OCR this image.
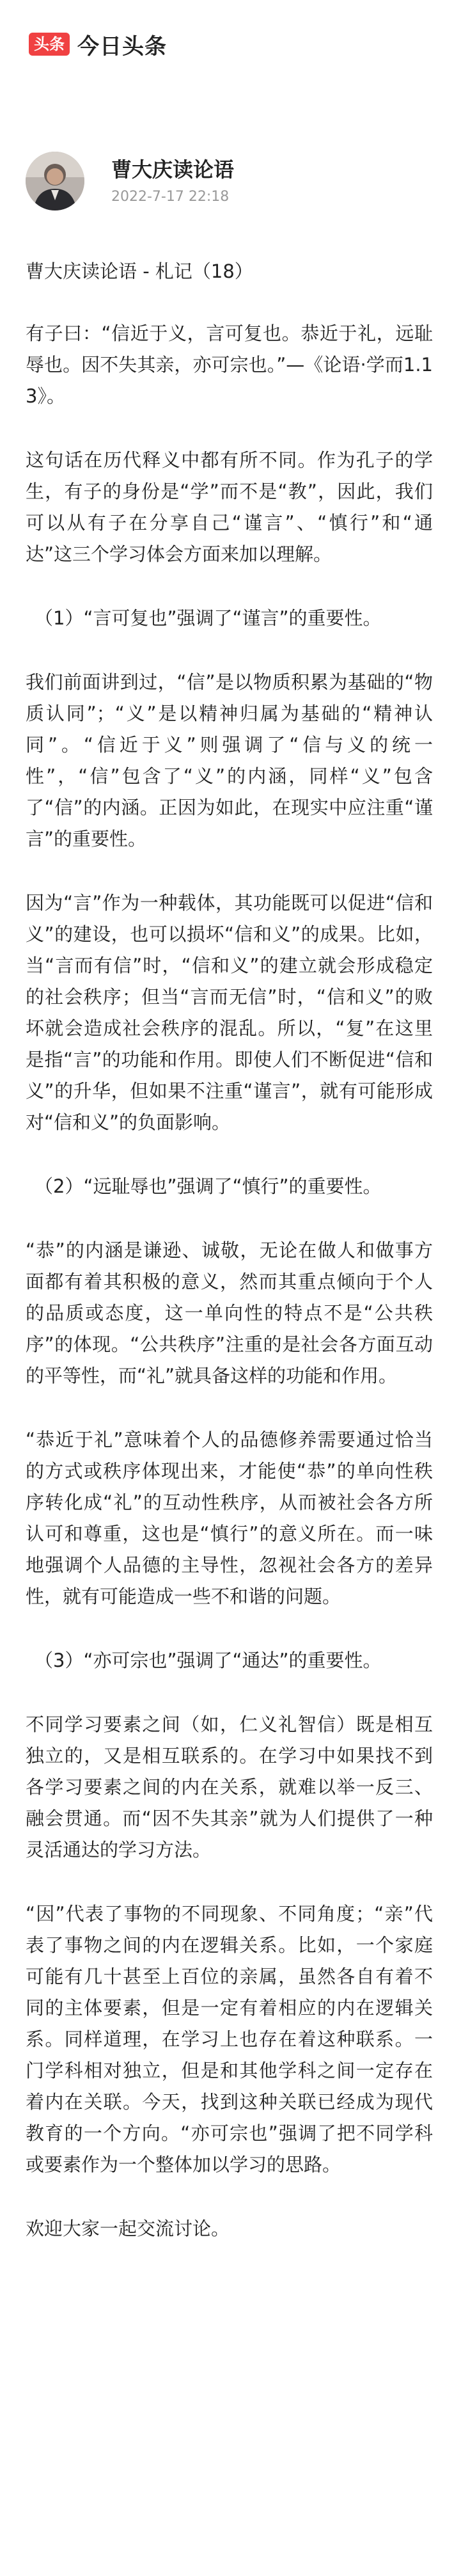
头条 今日头条
曹大庆读论语
2022-7-17 22:18

曹大庆读论语 - 札记（18）

有子曰：“信近于义，言可复也。恭近于礼，远耻辱也。因不失其亲，亦可宗也。”—《论语·学而1.13》。

这句话在历代释义中都有所不同。作为孔子的学生，有子的身份是“学”而不是“教”，因此，我们可以从有子在分享自己“谨言”、“慎行”和“通达”这三个学习体会方面来加以理解。

（1）“言可复也”强调了“谨言”的重要性。

我们前面讲到过，“信”是以物质积累为基础的“物质认同”；“义”是以精神归属为基础的“精神认同”。“信近于义”则强调了“信与义的统一性”，“信”包含了“义”的内涵，同样“义”包含了“信”的内涵。正因为如此，在现实中应注重“谨言”的重要性。

因为“言”作为一种载体，其功能既可以促进“信和义”的建设，也可以损坏“信和义”的成果。比如，当“言而有信”时，“信和义”的建立就会形成稳定的社会秩序；但当“言而无信”时，“信和义”的败坏就会造成社会秩序的混乱。所以，“复”在这里是指“言”的功能和作用。即使人们不断促进“信和义”的升华，但如果不注重“谨言”，就有可能形成对“信和义”的负面影响。

（2）“远耻辱也”强调了“慎行”的重要性。

“恭”的内涵是谦逊、诚敬，无论在做人和做事方面都有着其积极的意义，然而其重点倾向于个人的品质或态度，这一单向性的特点不是“公共秩序”的体现。“公共秩序”注重的是社会各方面互动的平等性，而“礼”就具备这样的功能和作用。

“恭近于礼”意味着个人的品德修养需要通过恰当的方式或秩序体现出来，才能使“恭”的单向性秩序转化成“礼”的互动性秩序，从而被社会各方所认可和尊重，这也是“慎行”的意义所在。而一味地强调个人品德的主导性，忽视社会各方的差异性，就有可能造成一些不和谐的问题。

（3）“亦可宗也”强调了“通达”的重要性。

不同学习要素之间（如，仁义礼智信）既是相互独立的，又是相互联系的。在学习中如果找不到各学习要素之间的内在关系，就难以举一反三、融会贯通。而“因不失其亲”就为人们提供了一种灵活通达的学习方法。

“因”代表了事物的不同现象、不同角度；“亲”代表了事物之间的内在逻辑关系。比如，一个家庭可能有几十甚至上百位的亲属，虽然各自有着不同的主体要素，但是一定有着相应的内在逻辑关系。同样道理，在学习上也存在着这种联系。一门学科相对独立，但是和其他学科之间一定存在着内在关联。今天，找到这种关联已经成为现代教育的一个方向。“亦可宗也”强调了把不同学科或要素作为一个整体加以学习的思路。

欢迎大家一起交流讨论。
